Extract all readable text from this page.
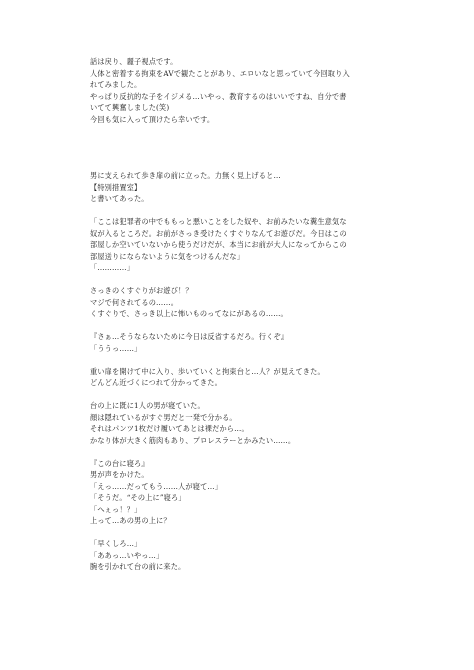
話は戻り、麗子視点です。
人体と密着する拘束をAVで観たことがあり、エロいなと思っていて今回取り入
れてみました。
やっぱり反抗的な子をイジメる…いやっ、教育するのはいいですね、自分で書
いてて興奮しました(笑)
今回も気に入って頂けたら幸いです。
男に支えられて歩き扉の前に立った。力無く見上げると…
【特別措置室】
と書いてあった。
「ここは犯罪者の中でももっと悪いことをした奴や、お前みたいな糞生意気な
奴が入るところだ。お前がさっき受けたくすぐりなんてお遊びだ。今日はこの
部屋しか空いていないから使うだけだが、本当にお前が大人になってからこの
部屋送りにならないように気をつけるんだな」
「…………」
さっきのくすぐりがお遊び！？
マジで何されてるの……。
くすぐりで、さっき以上に怖いものってなにがあるの……。
『さぁ…そうならないために今日は反省するだろ。行くぞ』
「ううっ……」
重い扉を開けて中に入り、歩いていくと拘束台と…人？が見えてきた。
どんどん近づくにつれて分かってきた。
台の上に既に1人の男が寝ていた。
顔は隠れているがすぐ男だと一発で分かる。
それはパンツ1枚だけ履いてあとは裸だから…。
かなり体が大きく筋肉もあり、プロレスラーとかみたい……。
『この台に寝ろ』
男が声をかけた。
「えっ……だってもう……人が寝て…」
「そうだ。“その上に”寝ろ」
「へぇっ！？」
上って…あの男の上に？
「早くしろ…」
「ああっ…いやっ…」
腕を引かれて台の前に来た。
